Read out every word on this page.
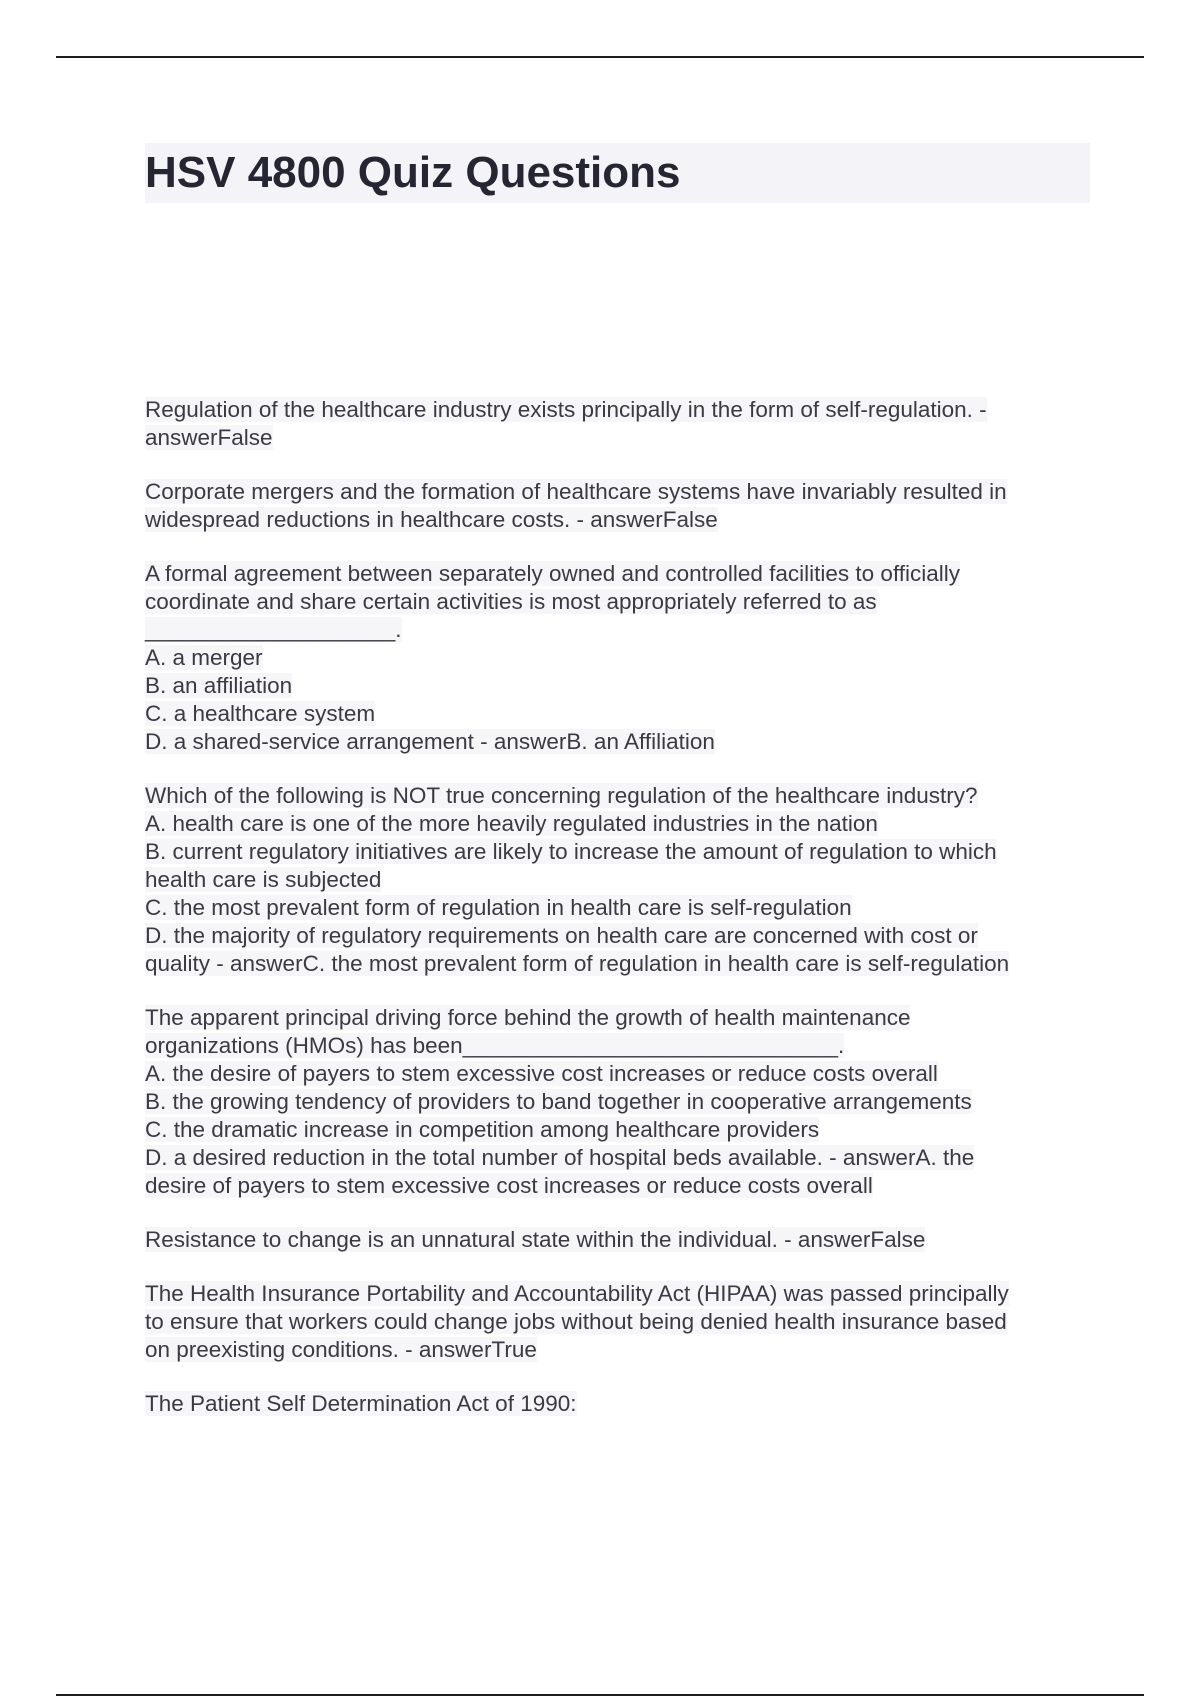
HSV 4800 Quiz Questions
Regulation of the healthcare industry exists principally in the form of self-regulation. -
answerFalse
Corporate mergers and the formation of healthcare systems have invariably resulted in
widespread reductions in healthcare costs. - answerFalse
A formal agreement between separately owned and controlled facilities to officially
coordinate and share certain activities is most appropriately referred to as
____________________.
A. a merger
B. an affiliation
C. a healthcare system
D. a shared-service arrangement - answerB. an Affiliation
Which of the following is NOT true concerning regulation of the healthcare industry?
A. health care is one of the more heavily regulated industries in the nation
B. current regulatory initiatives are likely to increase the amount of regulation to which
health care is subjected
C. the most prevalent form of regulation in health care is self-regulation
D. the majority of regulatory requirements on health care are concerned with cost or
quality - answerC. the most prevalent form of regulation in health care is self-regulation
The apparent principal driving force behind the growth of health maintenance
organizations (HMOs) has been______________________________.
A. the desire of payers to stem excessive cost increases or reduce costs overall
B. the growing tendency of providers to band together in cooperative arrangements
C. the dramatic increase in competition among healthcare providers
D. a desired reduction in the total number of hospital beds available. - answerA. the
desire of payers to stem excessive cost increases or reduce costs overall
Resistance to change is an unnatural state within the individual. - answerFalse
The Health Insurance Portability and Accountability Act (HIPAA) was passed principally
to ensure that workers could change jobs without being denied health insurance based
on preexisting conditions. - answerTrue
The Patient Self Determination Act of 1990:
